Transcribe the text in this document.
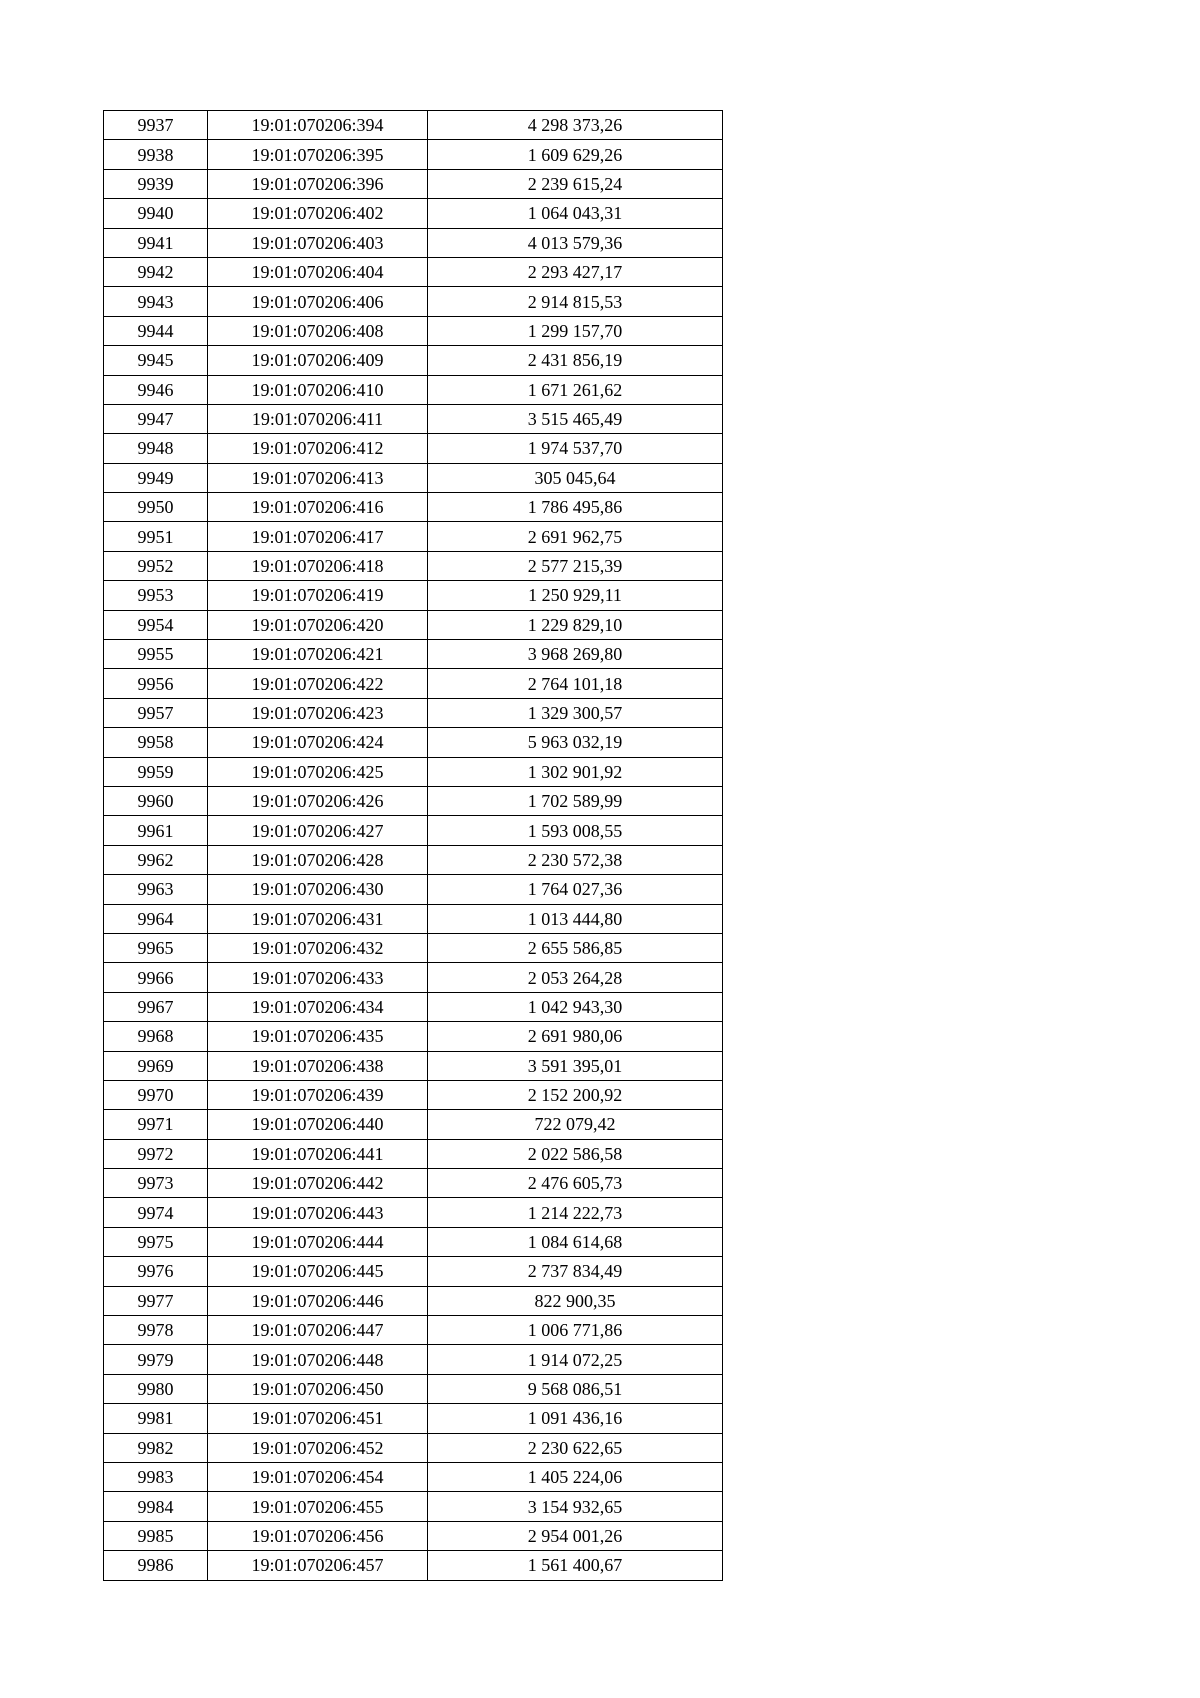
9937	19:01:070206:394	4 298 373,26
9938	19:01:070206:395	1 609 629,26
9939	19:01:070206:396	2 239 615,24
9940	19:01:070206:402	1 064 043,31
9941	19:01:070206:403	4 013 579,36
9942	19:01:070206:404	2 293 427,17
9943	19:01:070206:406	2 914 815,53
9944	19:01:070206:408	1 299 157,70
9945	19:01:070206:409	2 431 856,19
9946	19:01:070206:410	1 671 261,62
9947	19:01:070206:411	3 515 465,49
9948	19:01:070206:412	1 974 537,70
9949	19:01:070206:413	305 045,64
9950	19:01:070206:416	1 786 495,86
9951	19:01:070206:417	2 691 962,75
9952	19:01:070206:418	2 577 215,39
9953	19:01:070206:419	1 250 929,11
9954	19:01:070206:420	1 229 829,10
9955	19:01:070206:421	3 968 269,80
9956	19:01:070206:422	2 764 101,18
9957	19:01:070206:423	1 329 300,57
9958	19:01:070206:424	5 963 032,19
9959	19:01:070206:425	1 302 901,92
9960	19:01:070206:426	1 702 589,99
9961	19:01:070206:427	1 593 008,55
9962	19:01:070206:428	2 230 572,38
9963	19:01:070206:430	1 764 027,36
9964	19:01:070206:431	1 013 444,80
9965	19:01:070206:432	2 655 586,85
9966	19:01:070206:433	2 053 264,28
9967	19:01:070206:434	1 042 943,30
9968	19:01:070206:435	2 691 980,06
9969	19:01:070206:438	3 591 395,01
9970	19:01:070206:439	2 152 200,92
9971	19:01:070206:440	722 079,42
9972	19:01:070206:441	2 022 586,58
9973	19:01:070206:442	2 476 605,73
9974	19:01:070206:443	1 214 222,73
9975	19:01:070206:444	1 084 614,68
9976	19:01:070206:445	2 737 834,49
9977	19:01:070206:446	822 900,35
9978	19:01:070206:447	1 006 771,86
9979	19:01:070206:448	1 914 072,25
9980	19:01:070206:450	9 568 086,51
9981	19:01:070206:451	1 091 436,16
9982	19:01:070206:452	2 230 622,65
9983	19:01:070206:454	1 405 224,06
9984	19:01:070206:455	3 154 932,65
9985	19:01:070206:456	2 954 001,26
9986	19:01:070206:457	1 561 400,67
